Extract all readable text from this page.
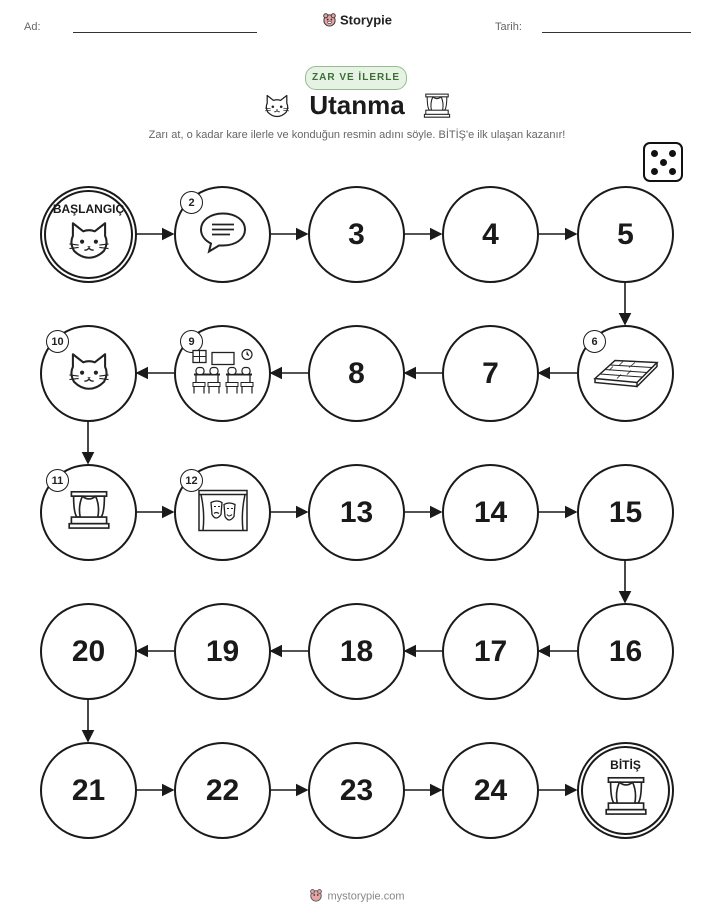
Ad:	Storypie	Tarih:
ZAR VE İLERLE
Utanma
Zarı at, o kadar kare ilerle ve konduğun resmin adını söyle. BİTİŞ'e ilk ulaşan kazanır!
BAŞLANGIÇ	2
3	4	5
6
7
8
9
10
11	12
13	14	15
16
17
18
19
20
21	22	23	24
BİTİŞ
mystorypie.com
